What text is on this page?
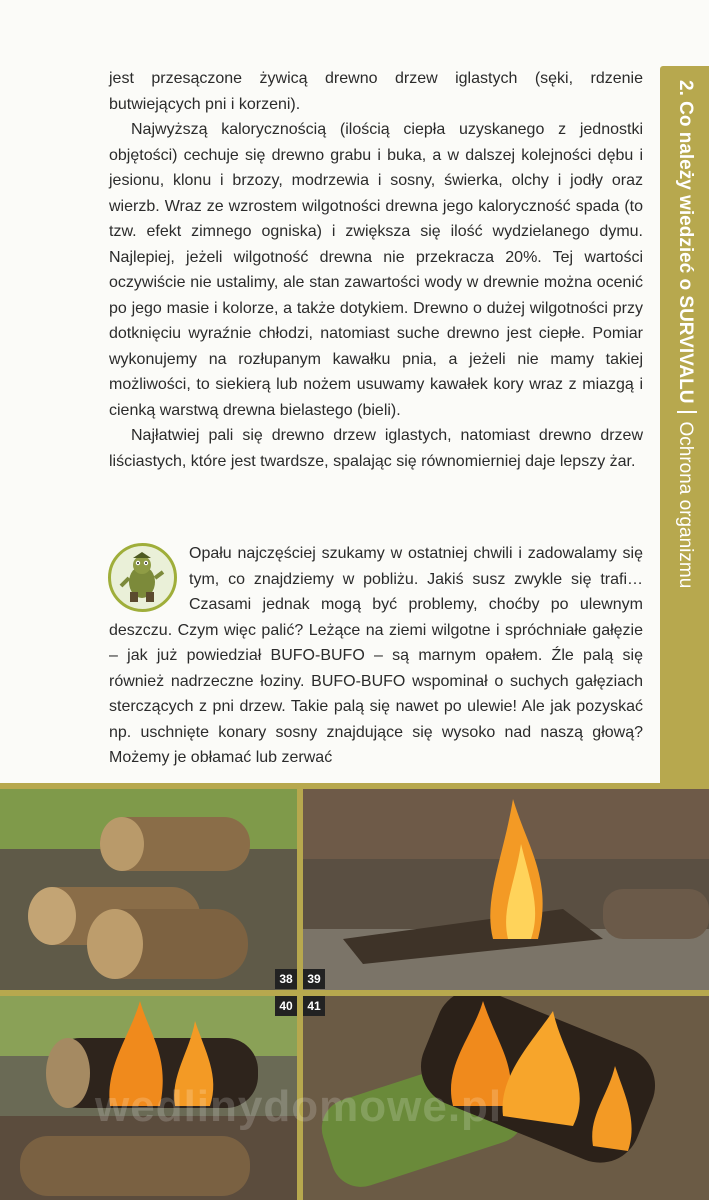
2. Co należy wiedzieć o SURVIVALUOchrona organizmu

jest przesączone żywicą drewno drzew iglastych (sęki, rdzenie butwiejących pni i korzeni).

Najwyższą kalorycznością (ilością ciepła uzyskanego z jednostki objętości) cechuje się drewno grabu i buka, a w dalszej kolejności dębu i jesionu, klonu i brzozy, modrzewia i sosny, świerka, olchy i jodły oraz wierzb. Wraz ze wzrostem wilgotności drewna jego kaloryczność spada (to tzw. efekt zimnego ogniska) i zwiększa się ilość wydzielanego dymu. Najlepiej, jeżeli wilgotność drewna nie przekracza 20%. Tej wartości oczywiście nie ustalimy, ale stan zawartości wody w drewnie można ocenić po jego masie i kolorze, a także dotykiem. Drewno o dużej wilgotności przy dotknięciu wyraźnie chłodzi, natomiast suche drewno jest ciepłe. Pomiar wykonujemy na rozłupanym kawałku pnia, a jeżeli nie mamy takiej możliwości, to siekierą lub nożem usuwamy kawałek kory wraz z miazgą i cienką warstwą drewna bielastego (bieli).

Najłatwiej pali się drewno drzew iglastych, natomiast drewno drzew liściastych, które jest twardsze, spalając się równomierniej daje lepszy żar.

Opału najczęściej szukamy w ostatniej chwili i zadowalamy się tym, co znajdziemy w pobliżu. Jakiś susz zwykle się trafi… Czasami jednak mogą być problemy, choćby po ulewnym deszczu. Czym więc palić? Leżące na ziemi wilgotne i spróchniałe gałęzie – jak już powiedział BUFO-BUFO – są marnym opałem. Źle palą się również nadrzeczne łoziny. BUFO-BUFO wspominał o suchych gałęziach sterczących z pni drzew. Takie palą się nawet po ulewie! Ale jak pozyskać np. uschnięte konary sosny znajdujące się wysoko nad naszą głową? Możemy je obłamać lub zerwać
38	39
40	41
wedlinydomowe.pl
